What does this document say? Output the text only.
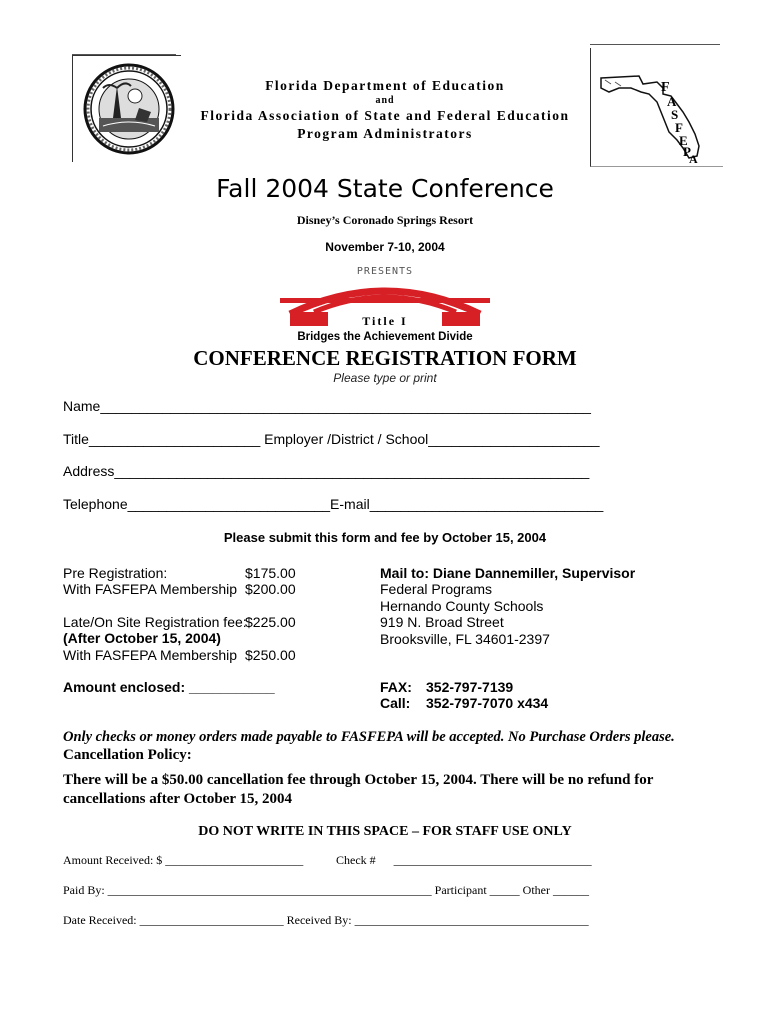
Florida Department of Education
and
Florida Association of State and Federal Education
Program Administrators
F
A
S
F
E
P
A
Fall 2004 State Conference
Disney’s Coronado Springs Resort
November 7-10, 2004
PRESENTS
Title I
Bridges the Achievement Divide
CONFERENCE REGISTRATION FORM
Please type or print
Name_______________________________________________________________
Title______________________ Employer /District / School______________________
Address_____________________________________________________________
Telephone__________________________E-mail______________________________
Please submit this form and fee by October 15, 2004
Pre Registration:	$175.00
With FASFEPA Membership $200.00
Late/On Site Registration fee:
$225.00
(After October 15, 2004)
With FASFEPA Membership $250.00
Amount enclosed: ___________
Mail to: Diane Dannemiller, Supervisor
Federal Programs
Hernando County Schools
919 N. Broad Street
Brooksville, FL 34601-2397
FAX: 352-797-7139
Call: 352-797-7070 x434
Only checks or money orders made payable to FASFEPA will be accepted. No Purchase Orders please.
Cancellation Policy:
There will be a $50.00 cancellation fee through October 15, 2004. There will be no refund for
cancellations after October 15, 2004
DO NOT WRITE IN THIS SPACE – FOR STAFF USE ONLY
Amount Received: $ _______________________	Check #      _________________________________
Paid By: ______________________________________________________ Participant _____ Other ______
Date Received: ________________________ Received By: _______________________________________
